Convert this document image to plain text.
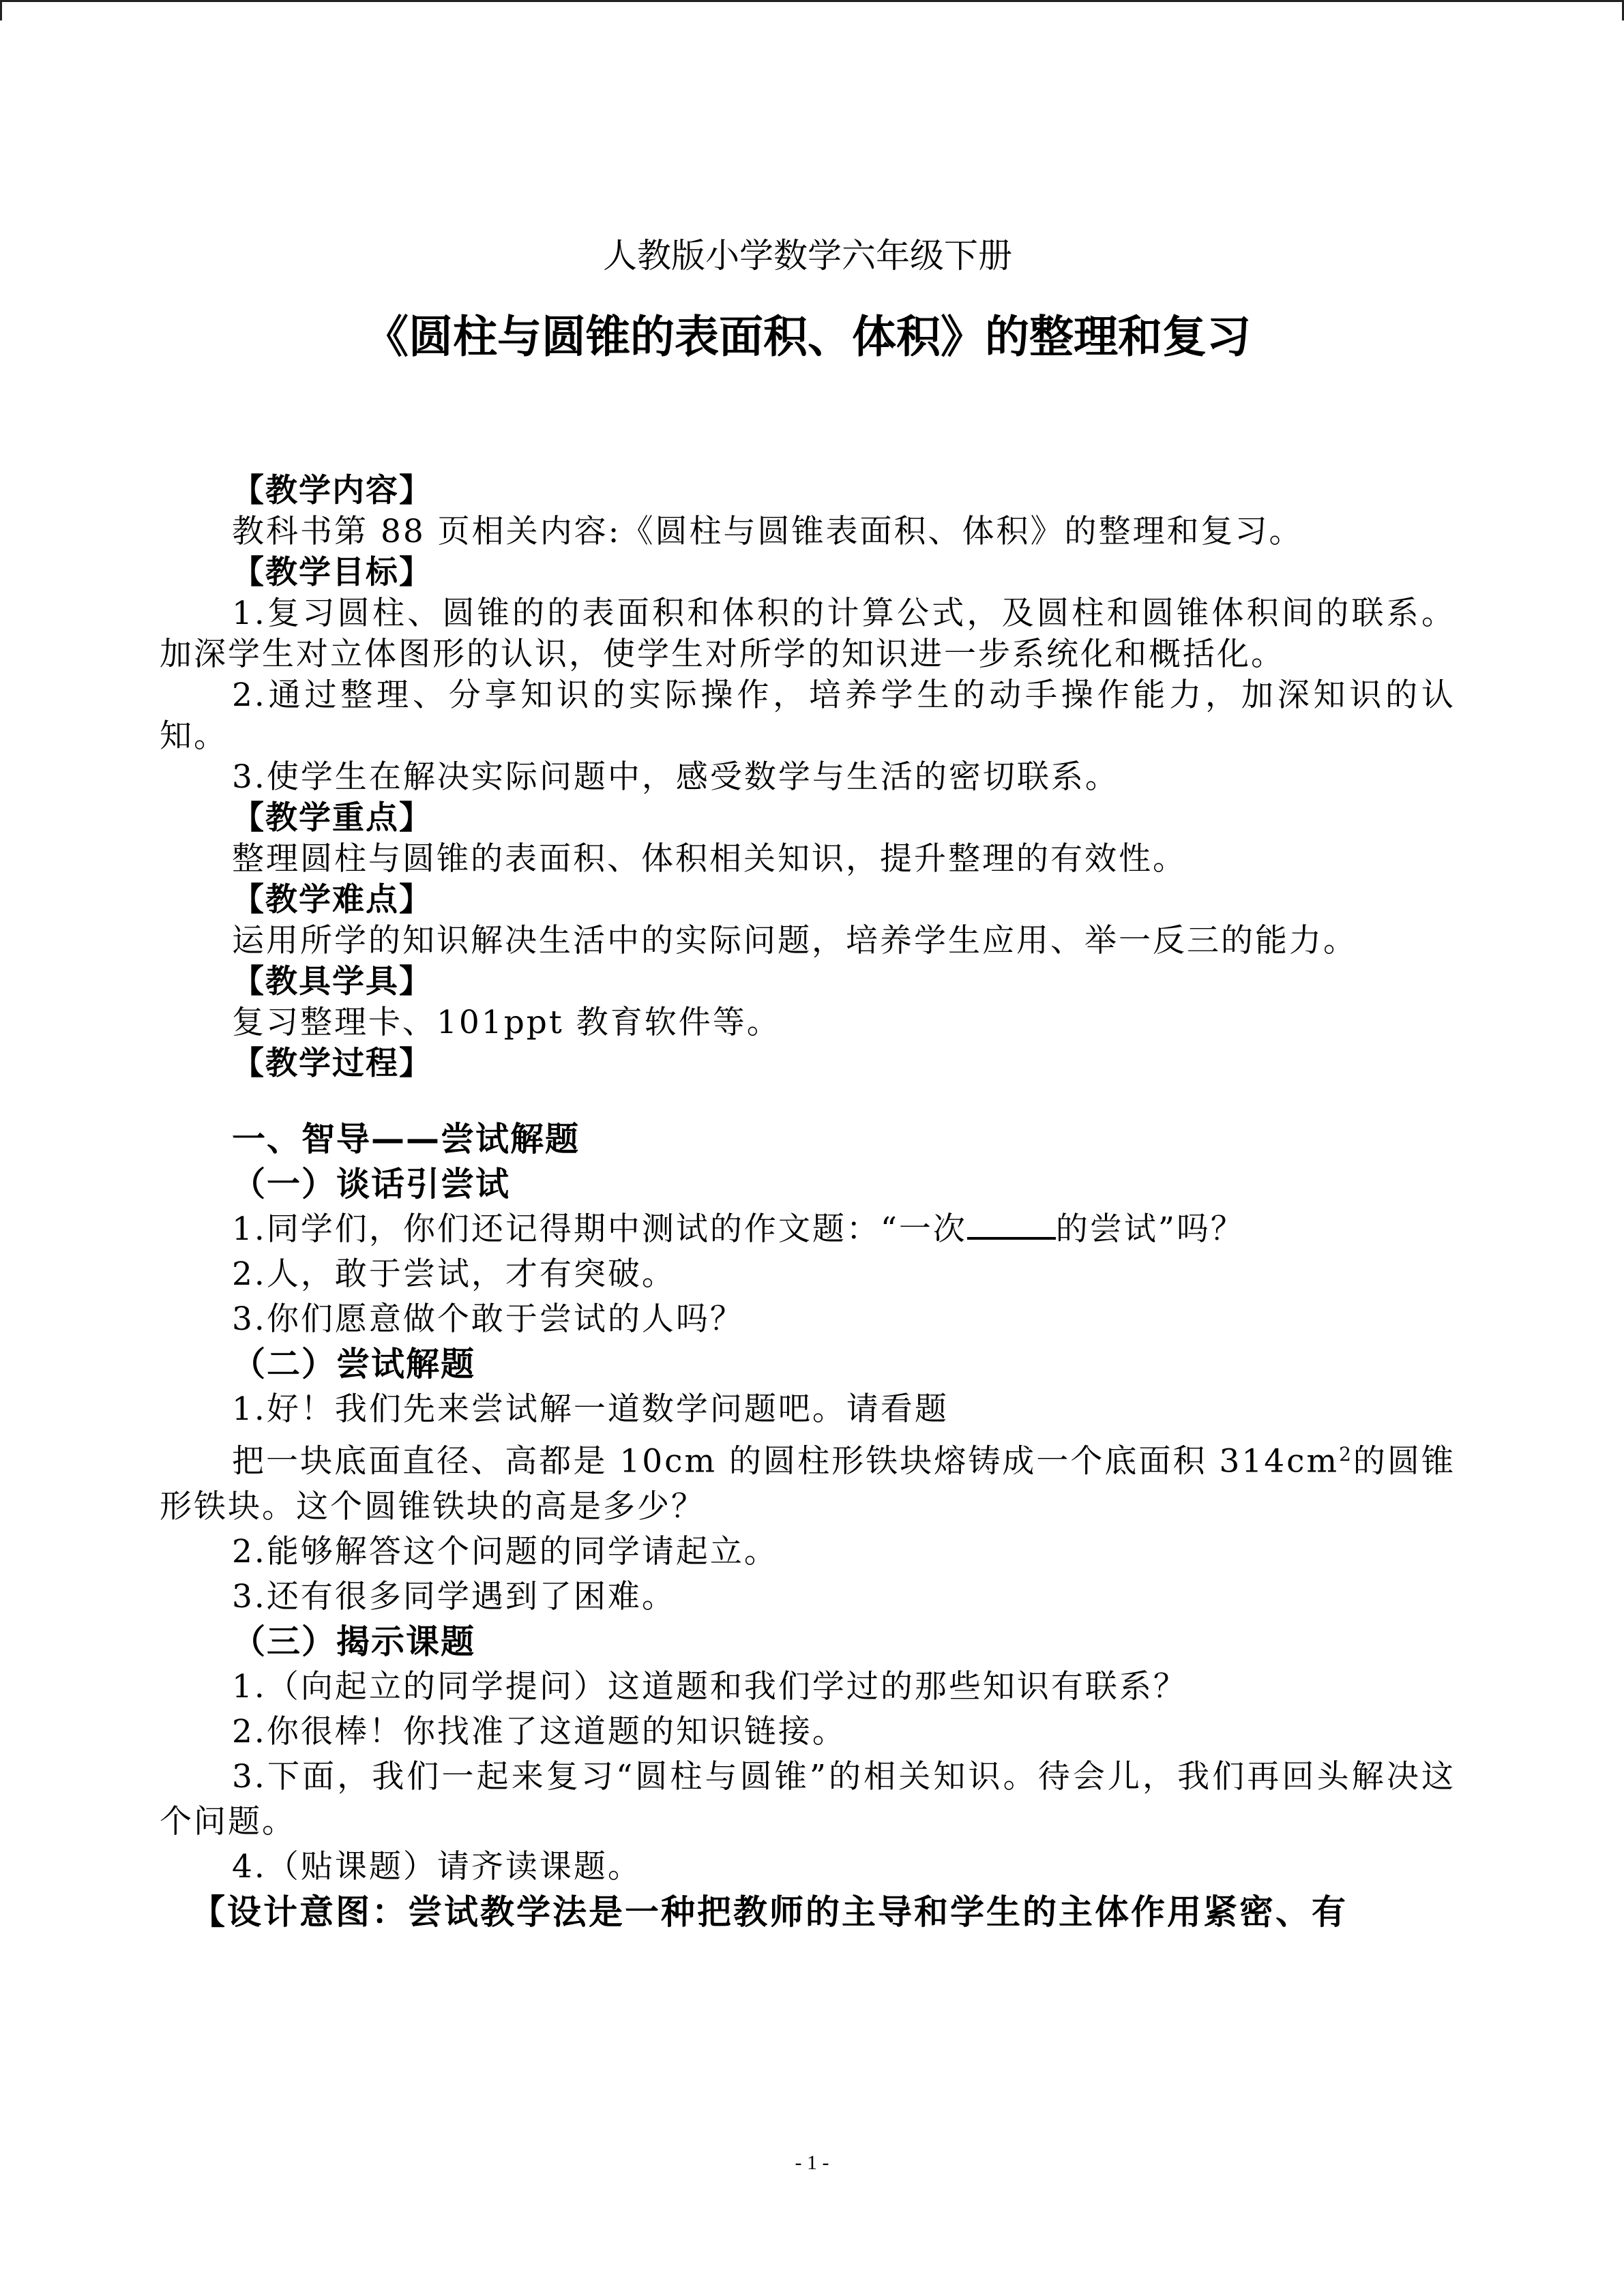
人教版小学数学六年级下册

《圆柱与圆锥的表面积、体积》的整理和复习

【教学内容】

教科书第 88 页相关内容:《圆柱与圆锥表面积、体积》的整理和复习。

【教学目标】

1.复习圆柱、圆锥的的表面积和体积的计算公式，及圆柱和圆锥体积间的联系。加深学生对立体图形的认识，使学生对所学的知识进一步系统化和概括化。

2.通过整理、分享知识的实际操作，培养学生的动手操作能力，加深知识的认知。

3.使学生在解决实际问题中，感受数学与生活的密切联系。

【教学重点】

整理圆柱与圆锥的表面积、体积相关知识，提升整理的有效性。

【教学难点】

运用所学的知识解决生活中的实际问题，培养学生应用、举一反三的能力。

【教具学具】

复习整理卡、101ppt 教育软件等。

【教学过程】

一、智导——尝试解题

（一）谈话引尝试

1.同学们，你们还记得期中测试的作文题：“一次	的尝试”吗？

2.人，敢于尝试，才有突破。

3.你们愿意做个敢于尝试的人吗？

（二）尝试解题

1.好！我们先来尝试解一道数学问题吧。请看题

把一块底面直径、高都是 10cm 的圆柱形铁块熔铸成一个底面积 $314cm^2$的圆锥形铁块。这个圆锥铁块的高是多少？

2.能够解答这个问题的同学请起立。

3.还有很多同学遇到了困难。

（三）揭示课题

1.（向起立的同学提问）这道题和我们学过的那些知识有联系？

2.你很棒！你找准了这道题的知识链接。

3.下面，我们一起来复习“圆柱与圆锥”的相关知识。待会儿，我们再回头解决这个问题。

4.（贴课题）请齐读课题。

【设计意图：尝试教学法是一种把教师的主导和学生的主体作用紧密、有

- 1 -
